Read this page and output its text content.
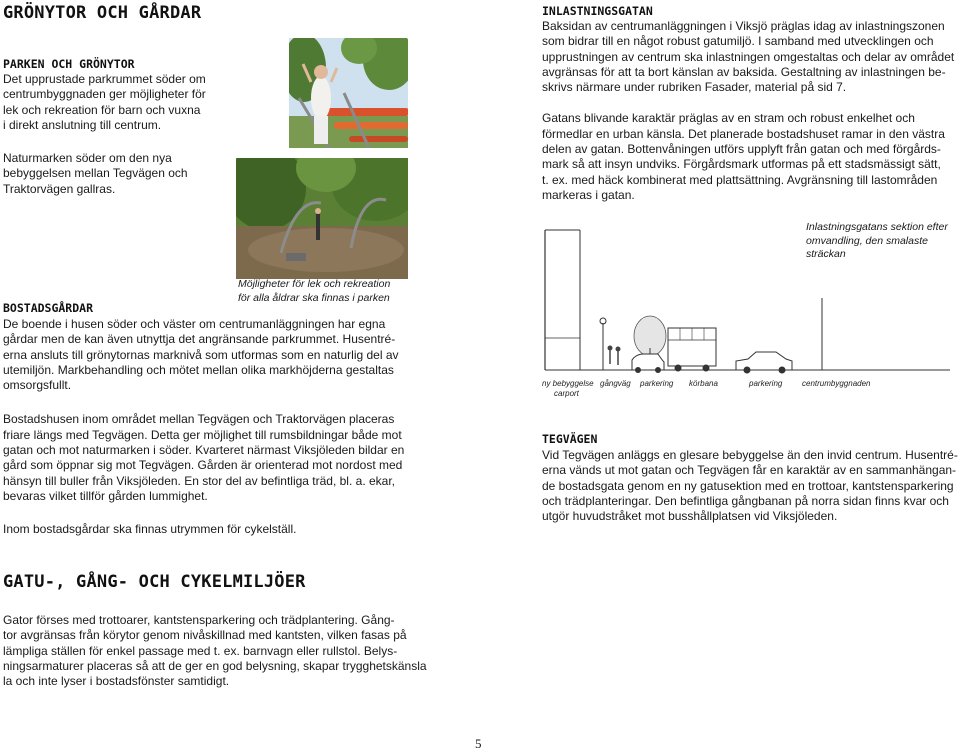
GRÖNYTOR OCH GÅRDAR
PARKEN OCH GRÖNYTOR

Det upprustade parkrummet söder om
centrumbyggnaden ger möjligheter för
lek och rekreation för barn och vuxna
i direkt anslutning till centrum.

Naturmarken söder om den nya
bebyggelsen mellan Tegvägen och
Traktorvägen gallras.

Möjligheter för lek och rekreation
för alla åldrar ska finnas i parken
BOSTADSGÅRDAR

De boende i husen söder och väster om centrumanläggningen har egna
gårdar men de kan även utnyttja det angränsande parkrummet. Husentré-
erna ansluts till grönytornas marknivå som utformas som en naturlig del av
utemiljön. Markbehandling och mötet mellan olika markhöjderna gestaltas
omsorgsfullt.

Bostadshusen inom området mellan Tegvägen och Traktorvägen placeras
friare längs med Tegvägen. Detta ger möjlighet till rumsbildningar både mot
gatan och mot naturmarken i söder. Kvarteret närmast Viksjöleden bildar en
gård som öppnar sig mot Tegvägen. Gården är orienterad mot nordost med
hänsyn till buller från Viksjöleden. En stor del av befintliga träd, bl. a. ekar,
bevaras vilket tillför gården lummighet.

Inom bostadsgårdar ska finnas utrymmen för cykelställ.

GATU-, GÅNG- OCH CYKELMILJÖER

Gator förses med trottoarer, kantstensparkering och trädplantering. Gång-
tor avgränsas från körytor genom nivåskillnad med kantsten, vilken fasas på
lämpliga ställen för enkel passage med t. ex. barnvagn eller rullstol. Belys-
ningsarmaturer placeras så att de ger en god belysning, skapar trygghetskänsla
la och inte lyser i bostadsfönster samtidigt.

INLASTNINGSGATAN

Baksidan av centrumanläggningen i Viksjö präglas idag av inlastningszonen
som bidrar till en något robust gatumiljö. I samband med utvecklingen och
upprustningen av centrum ska inlastningen omgestaltas och delar av området
avgränsas för att ta bort känslan av baksida. Gestaltning av inlastningen be-
skrivs närmare under rubriken Fasader, material på sid 7.

Gatans blivande karaktär präglas av en stram och robust enkelhet och
förmedlar en urban känsla. Det planerade bostadshuset ramar in den västra
delen av gatan. Bottenvåningen utförs upplyft från gatan och med förgårds-
mark så att insyn undviks. Förgårdsmark utformas på ett stadsmässigt sätt,
t. ex. med häck kombinerat med plattsättning. Avgränsning till lastområden
markeras i gatan.

Inlastningsgatans sektion efter
omvandling, den smalaste
sträckan
ny bebyggelse
carport
gångväg parkering körbana	parkering centrumbyggnaden
TEGVÄGEN

Vid Tegvägen anläggs en glesare bebyggelse än den invid centrum. Husentré-
erna vänds ut mot gatan och Tegvägen får en karaktär av en sammanhängan-
de bostadsgata genom en ny gatusektion med en trottoar, kantstensparkering
och trädplanteringar. Den befintliga gångbanan på norra sidan finns kvar och
utgör huvudstråket mot busshållplatsen vid Viksjöleden.

5
